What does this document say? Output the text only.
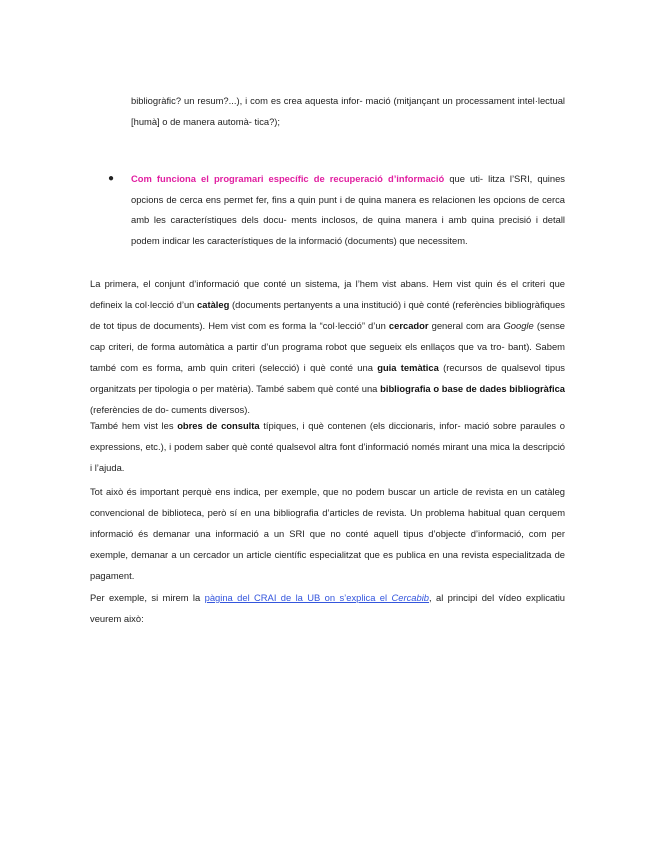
bibliogràfic? un resum?...), i com es crea aquesta infor- mació (mitjançant un processament intel·lectual [humà] o de manera automà- tica?);

● Com funciona el programari específic de recuperació d’informació que uti- litza l’SRI, quines opcions de cerca ens permet fer, fins a quin punt i de quina manera es relacionen les opcions de cerca amb les característiques dels docu- ments inclosos, de quina manera i amb quina precisió i detall podem indicar les característiques de la informació (documents) que necessitem.

La primera, el conjunt d’informació que conté un sistema, ja l’hem vist abans. Hem vist quin és el criteri que defineix la col·lecció d’un catàleg (documents pertanyents a una institució) i què conté (referències bibliogràfiques de tot tipus de documents). Hem vist com es forma la “col·lecció” d’un cercador general com ara Google (sense cap criteri, de forma automàtica a partir d’un programa robot que segueix els enllaços que va tro- bant). Sabem també com es forma, amb quin criteri (selecció) i què conté una guia temàtica (recursos de qualsevol tipus organitzats per tipologia o per matèria). També sabem què conté una bibliografia o base de dades bibliogràfica (referències de do- cuments diversos).

També hem vist les obres de consulta típiques, i què contenen (els diccionaris, infor- mació sobre paraules o expressions, etc.), i podem saber què conté qualsevol altra font d’informació només mirant una mica la descripció i l’ajuda.

Tot això és important perquè ens indica, per exemple, que no podem buscar un article de revista en un catàleg convencional de biblioteca, però sí en una bibliografia d’articles de revista. Un problema habitual quan cerquem informació és demanar una informació a un SRI que no conté aquell tipus d’objecte d’informació, com per exemple, demanar a un cercador un article científic especialitzat que es publica en una revista especialitzada de pagament.

Per exemple, si mirem la pàgina del CRAI de la UB on s’explica el Cercabib, al principi del vídeo explicatiu veurem això:
